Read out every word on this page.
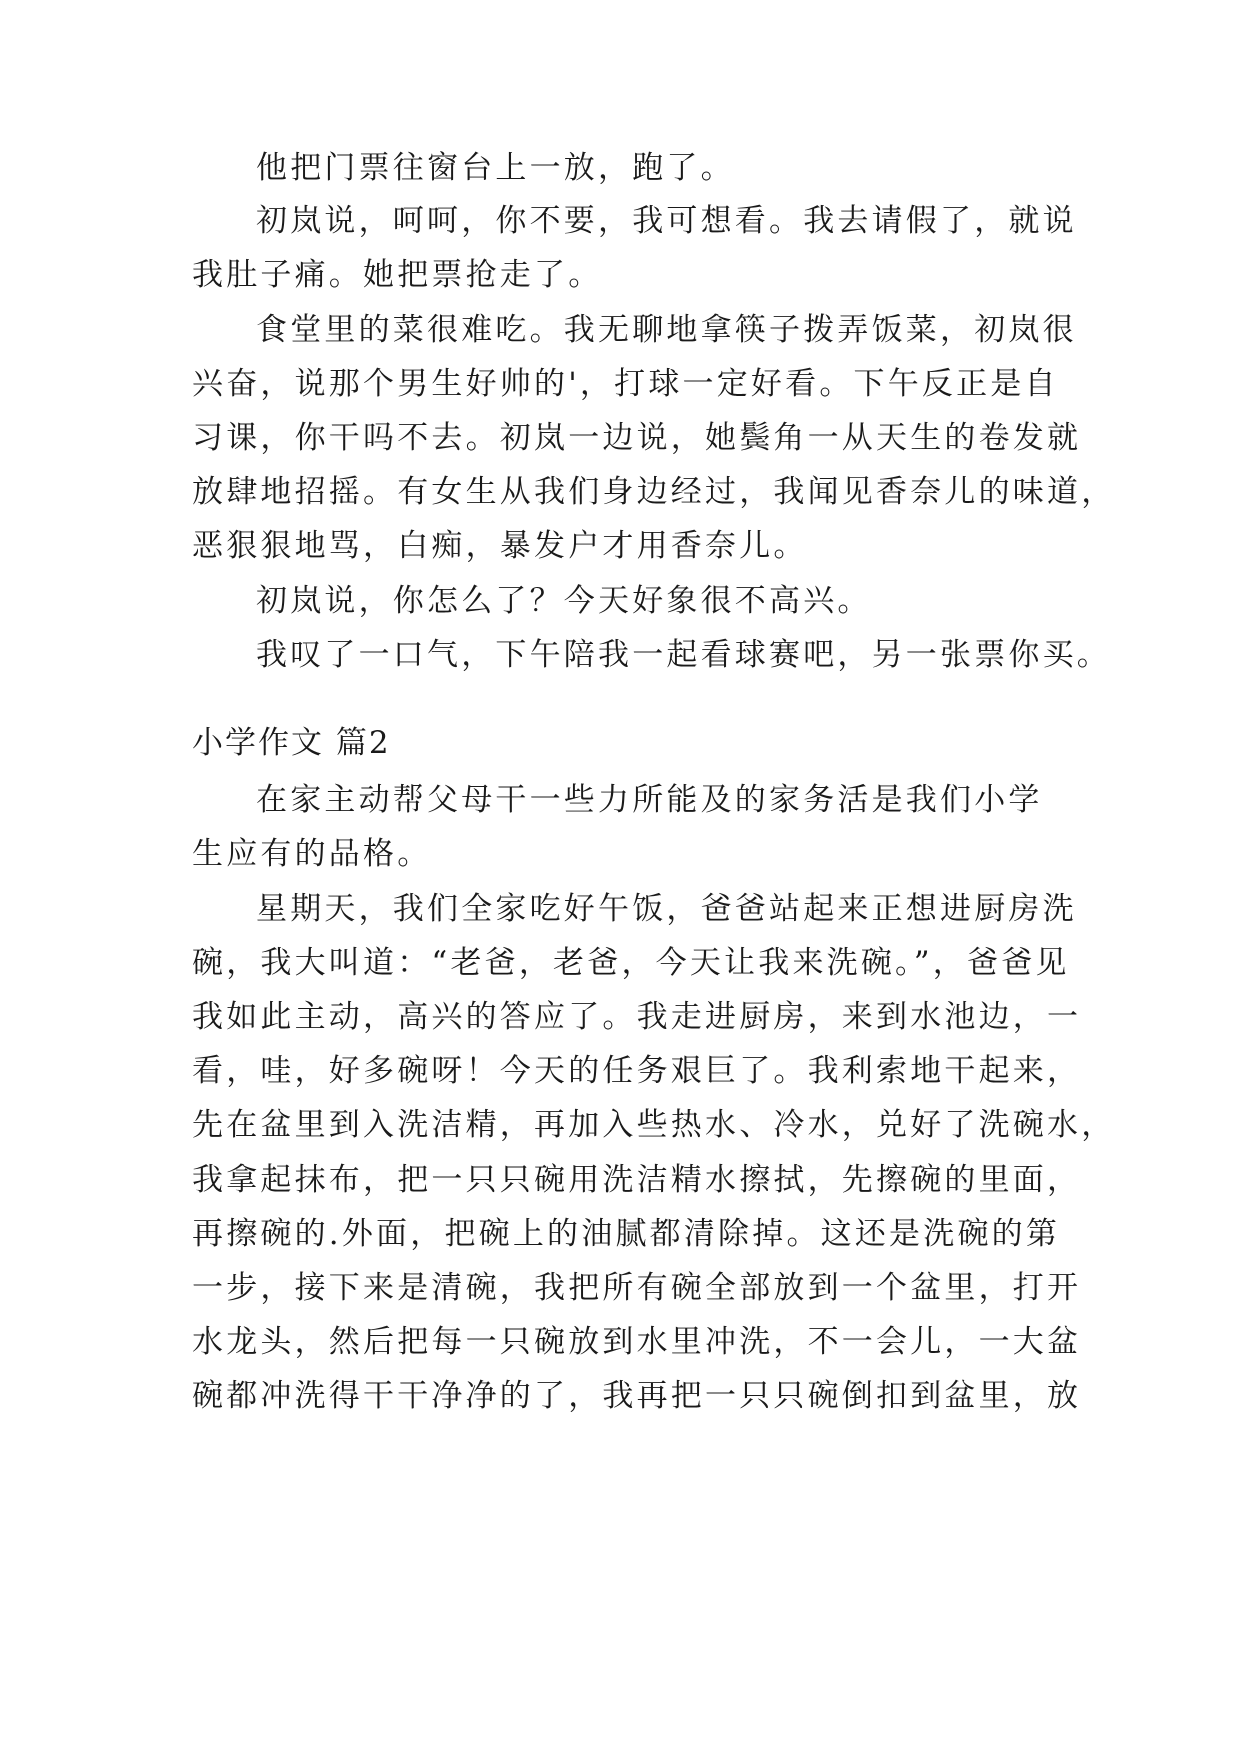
他把门票往窗台上一放，跑了。
初岚说，呵呵，你不要，我可想看。我去请假了，就说
我肚子痛。她把票抢走了。
食堂里的菜很难吃。我无聊地拿筷子拨弄饭菜，初岚很
兴奋，说那个男生好帅的'，打球一定好看。下午反正是自
习课，你干吗不去。初岚一边说，她鬓角一从天生的卷发就
放肆地招摇。有女生从我们身边经过，我闻见香奈儿的味道，
恶狠狠地骂，白痴，暴发户才用香奈儿。
初岚说，你怎么了？今天好象很不高兴。
我叹了一口气，下午陪我一起看球赛吧，另一张票你买。
小学作文 篇2
在家主动帮父母干一些力所能及的家务活是我们小学
生应有的品格。
星期天，我们全家吃好午饭，爸爸站起来正想进厨房洗
碗，我大叫道：“老爸，老爸，今天让我来洗碗。”，爸爸见
我如此主动，高兴的答应了。我走进厨房，来到水池边，一
看，哇，好多碗呀！今天的任务艰巨了。我利索地干起来，
先在盆里到入洗洁精，再加入些热水、冷水，兑好了洗碗水，
我拿起抹布，把一只只碗用洗洁精水擦拭，先擦碗的里面，
再擦碗的.外面，把碗上的油腻都清除掉。这还是洗碗的第
一步，接下来是清碗，我把所有碗全部放到一个盆里，打开
水龙头，然后把每一只碗放到水里冲洗，不一会儿，一大盆
碗都冲洗得干干净净的了，我再把一只只碗倒扣到盆里，放
